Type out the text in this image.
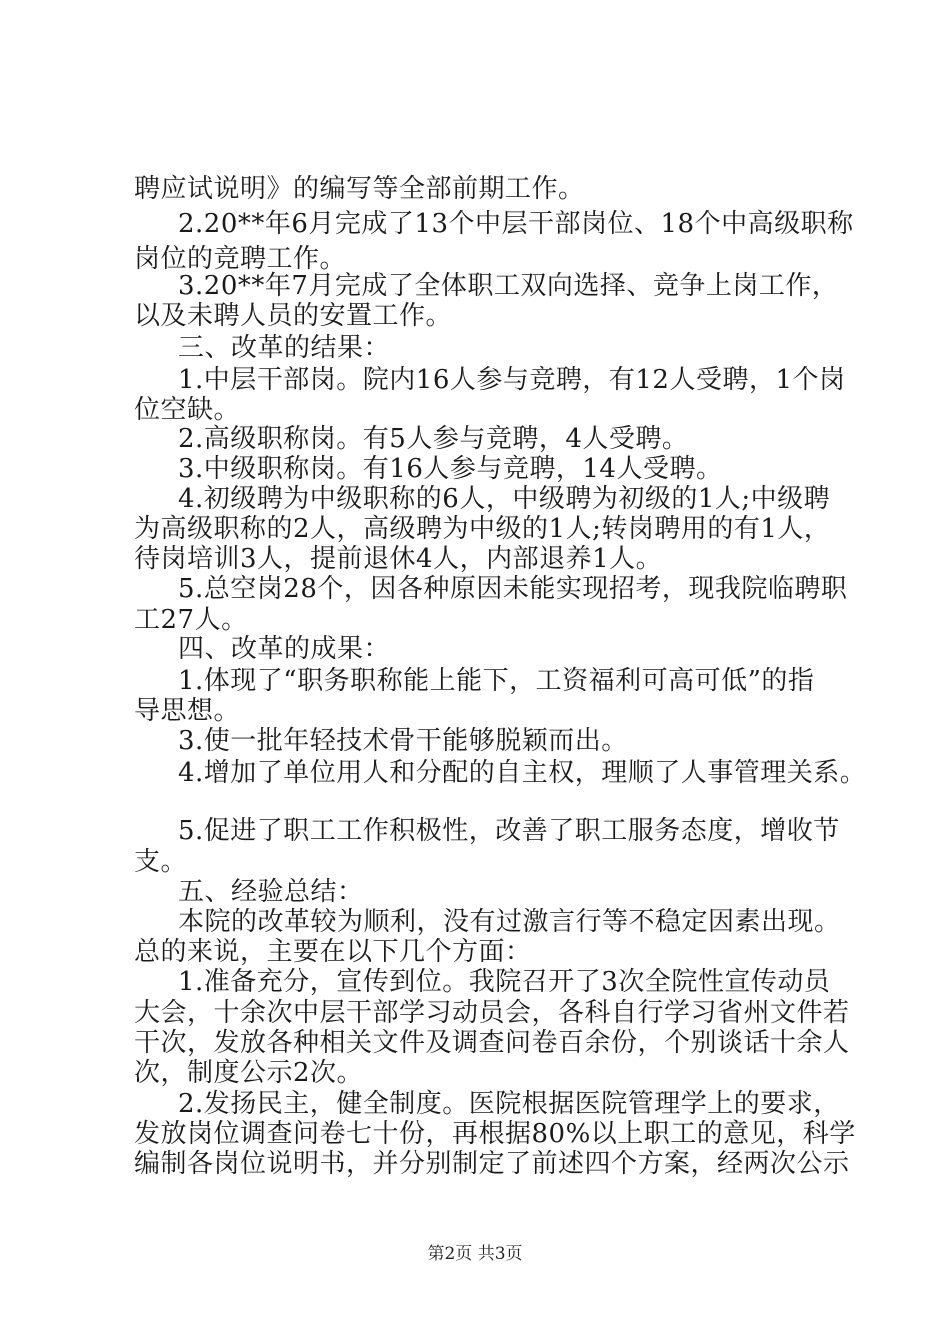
聘应试说明》的编写等全部前期工作。
2.20**年6月完成了13个中层干部岗位、18个中高级职称
岗位的竞聘工作。
3.20**年7月完成了全体职工双向选择、竞争上岗工作，
以及未聘人员的安置工作。
三、改革的结果：
1.中层干部岗。院内16人参与竞聘，有12人受聘，1个岗
位空缺。
2.高级职称岗。有5人参与竞聘，4人受聘。
3.中级职称岗。有16人参与竞聘，14人受聘。
4.初级聘为中级职称的6人，中级聘为初级的1人;中级聘
为高级职称的2人，高级聘为中级的1人;转岗聘用的有1人，
待岗培训3人，提前退休4人，内部退养1人。
5.总空岗28个，因各种原因未能实现招考，现我院临聘职
工27人。
四、改革的成果：
1.体现了“职务职称能上能下，工资福利可高可低”的指
导思想。
3.使一批年轻技术骨干能够脱颖而出。
4.增加了单位用人和分配的自主权，理顺了人事管理关系。
5.促进了职工工作积极性，改善了职工服务态度，增收节
支。
五、经验总结：
本院的改革较为顺利，没有过激言行等不稳定因素出现。
总的来说，主要在以下几个方面：
1.准备充分，宣传到位。我院召开了3次全院性宣传动员
大会，十余次中层干部学习动员会，各科自行学习省州文件若
干次，发放各种相关文件及调查问卷百余份，个别谈话十余人
次，制度公示2次。
2.发扬民主，健全制度。医院根据医院管理学上的要求，
发放岗位调查问卷七十份，再根据80%以上职工的意见，科学
编制各岗位说明书，并分别制定了前述四个方案，经两次公示
第2页 共3页
